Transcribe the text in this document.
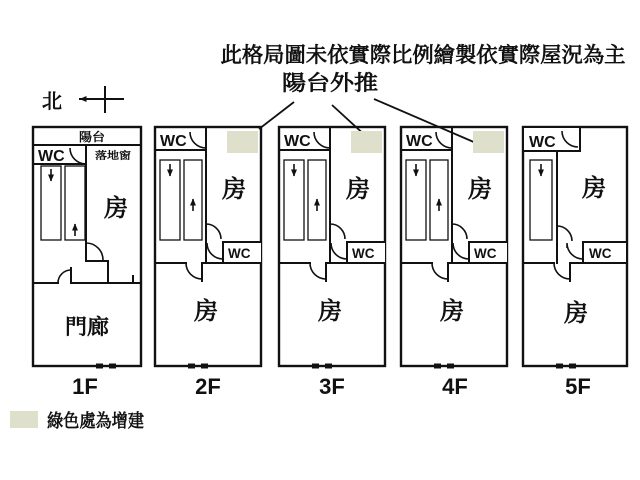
此格局圖未依實際比例繪製依實際屋況為主
陽台外推
北
陽台
WC	落地窗
房
門廊
WC
WC
房
房
WC
WC
房
房
1F	2F	3F	4F	5F
綠色處為增建
